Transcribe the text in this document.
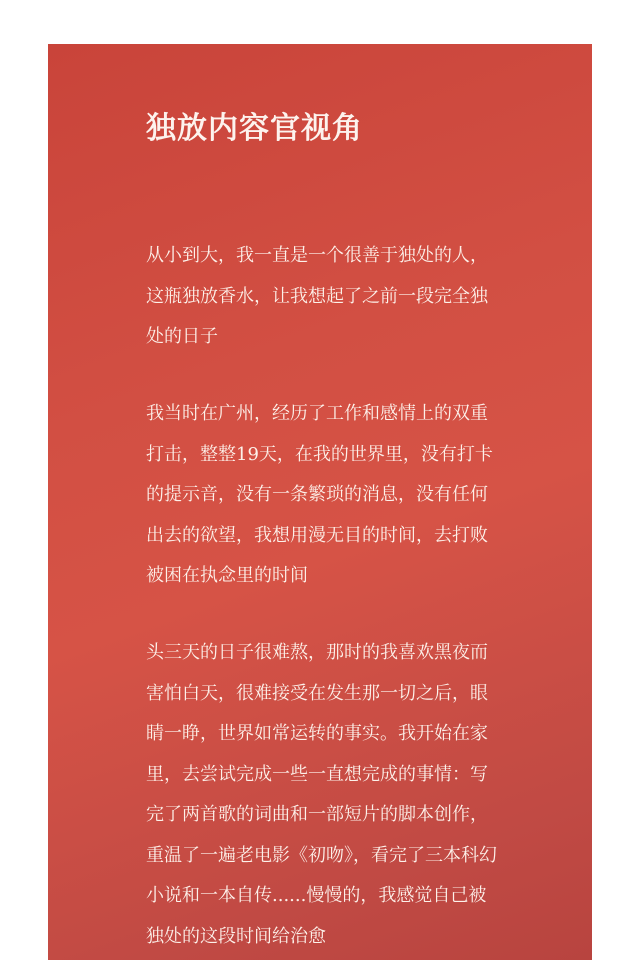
独放内容官视角

从小到大，我一直是一个很善于独处的人，这瓶独放香水，让我想起了之前一段完全独处的日子

我当时在广州，经历了工作和感情上的双重打击，整整19天，在我的世界里，没有打卡的提示音，没有一条繁琐的消息，没有任何出去的欲望，我想用漫无目的时间，去打败被困在执念里的时间

头三天的日子很难熬，那时的我喜欢黑夜而害怕白天，很难接受在发生那一切之后，眼睛一睁，世界如常运转的事实。我开始在家里，去尝试完成一些一直想完成的事情：写完了两首歌的词曲和一部短片的脚本创作，重温了一遍老电影《初吻》，看完了三本科幻小说和一本自传......慢慢的，我感觉自己被独处的这段时间给治愈
